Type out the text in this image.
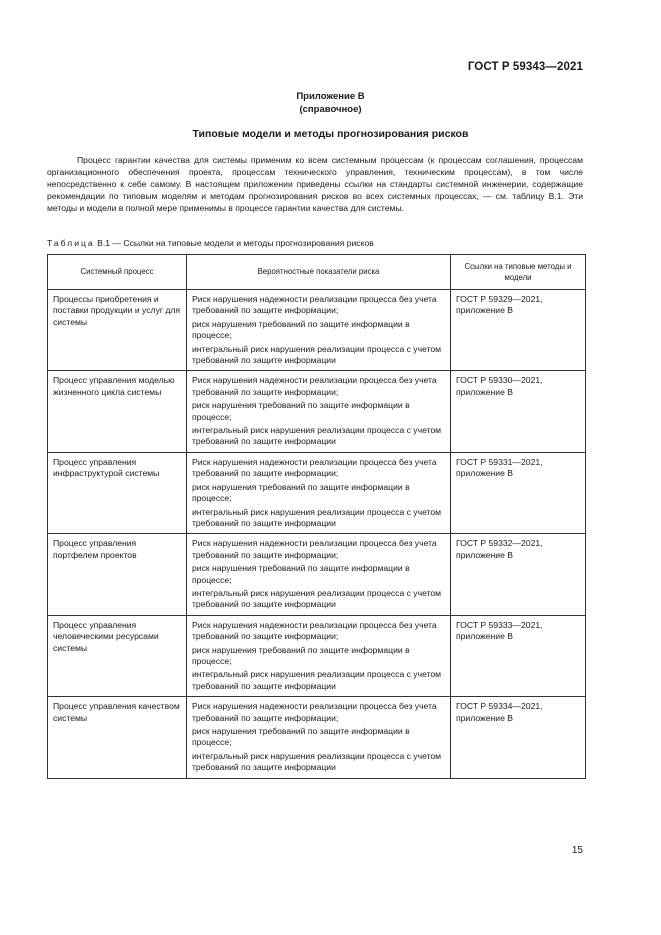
ГОСТ Р 59343—2021
Приложение В
(справочное)
Типовые модели и методы прогнозирования рисков

Процесс гарантии качества для системы применим ко всем системным процессам (к процессам соглашения, процессам организационного обеспечения проекта, процессам технического управления, техническим процессам), в том числе непосредственно к себе самому. В настоящем приложении приведены ссылки на стандарты системной инженерии, содержащие рекомендации по типовым моделям и методам прогнозирования рисков во всех системных процессах, — см. таблицу В.1. Эти методы и модели в полной мере применимы в процессе гарантии качества для системы.

Таблица В.1 — Ссылки на типовые модели и методы прогнозирования рисков
Системный процесс	Вероятностные показатели риска	Ссылки на типовые методы и модели
Процессы приобретения и поставки продукции и услуг для системы	Риск нарушения надежности реализации процесса без учета требований по защите информации;

риск нарушения требований по защите информации в процессе;

интегральный риск нарушения реализации процесса с учетом требований по защите информации	ГОСТ Р 59329—2021, приложение В
Процесс управления моделью жизненного цикла системы	Риск нарушения надежности реализации процесса без учета требований по защите информации;

риск нарушения требований по защите информации в процессе;

интегральный риск нарушения реализации процесса с учетом требований по защите информации	ГОСТ Р 59330—2021, приложение В
Процесс управления инфраструктурой системы	Риск нарушения надежности реализации процесса без учета требований по защите информации;

риск нарушения требований по защите информации в процессе;

интегральный риск нарушения реализации процесса с учетом требований по защите информации	ГОСТ Р 59331—2021, приложение В
Процесс управления портфелем проектов	Риск нарушения надежности реализации процесса без учета требований по защите информации;

риск нарушения требований по защите информации в процессе;

интегральный риск нарушения реализации процесса с учетом требований по защите информации	ГОСТ Р 59332—2021, приложение В
Процесс управления человеческими ресурсами системы	Риск нарушения надежности реализации процесса без учета требований по защите информации;

риск нарушения требований по защите информации в процессе;

интегральный риск нарушения реализации процесса с учетом требований по защите информации	ГОСТ Р 59333—2021, приложение В
Процесс управления качеством системы	Риск нарушения надежности реализации процесса без учета требований по защите информации;

риск нарушения требований по защите информации в процессе;

интегральный риск нарушения реализации процесса с учетом требований по защите информации	ГОСТ Р 59334—2021, приложение В
15
